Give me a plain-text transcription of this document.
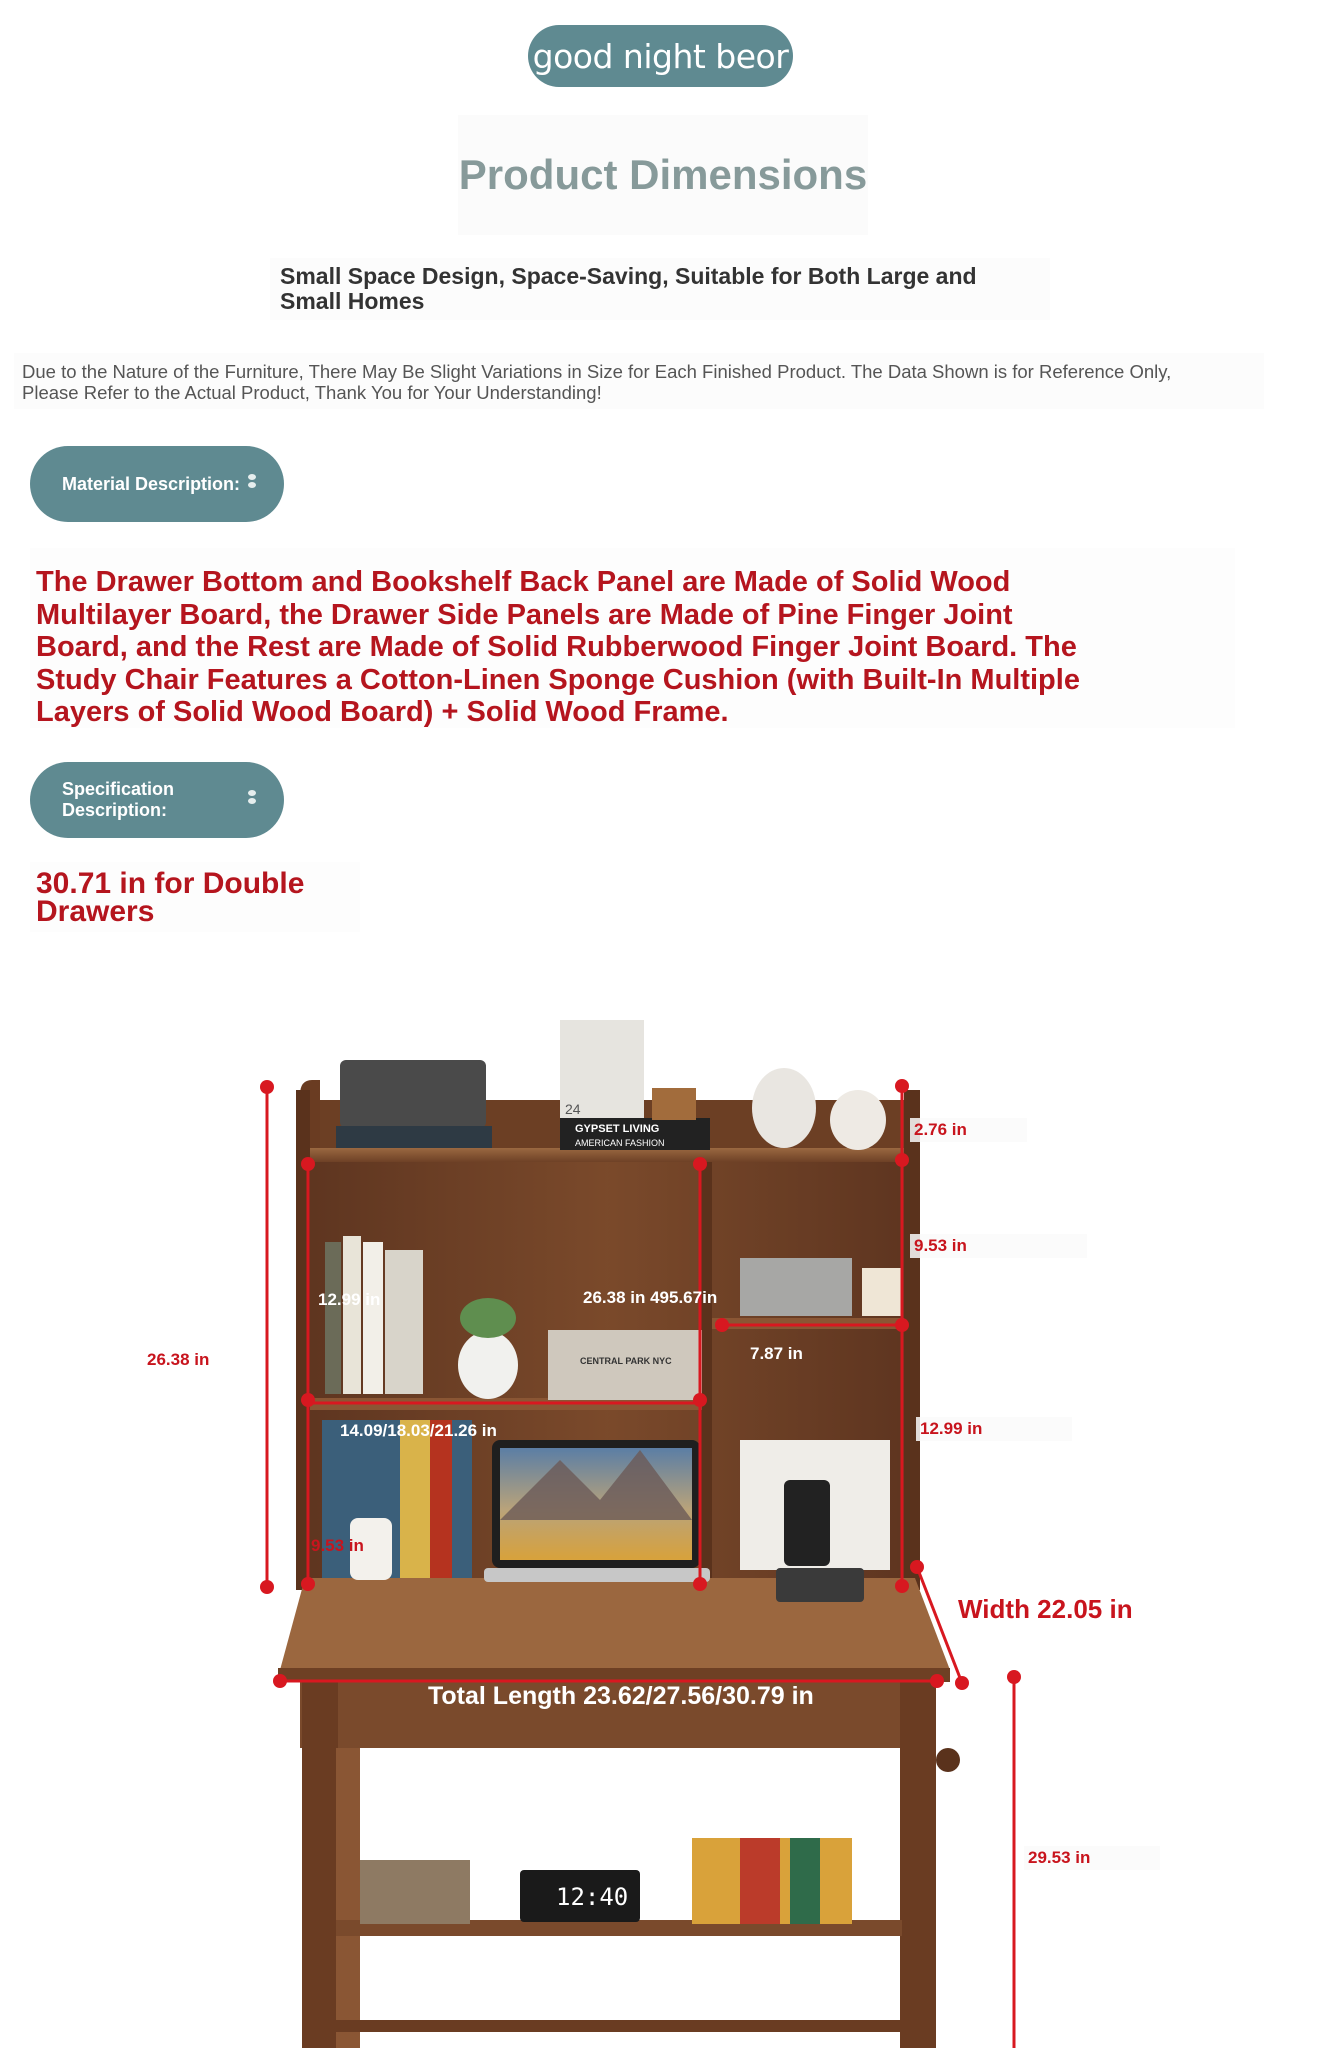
good night beor
Product Dimensions
Small Space Design, Space-Saving, Suitable for Both Large and
Small Homes
Due to the Nature of the Furniture, There May Be Slight Variations in Size for Each Finished Product. The Data Shown is for Reference Only,
Please Refer to the Actual Product, Thank You for Your Understanding!
Material Description:
The Drawer Bottom and Bookshelf Back Panel are Made of Solid Wood
Multilayer Board, the Drawer Side Panels are Made of Pine Finger Joint
Board, and the Rest are Made of Solid Rubberwood Finger Joint Board. The
Study Chair Features a Cotton-Linen Sponge Cushion (with Built-In Multiple
Layers of Solid Wood Board) + Solid Wood Frame.
Specification Description:
30.71 in for Double
Drawers
24
GYPSET LIVING
AMERICAN FASHION
CENTRAL PARK NYC
12:40
26.38 in
2.76 in
9.53 in
12.99 in	26.38 in 495.67in
7.87 in
12.99 in
14.09/18.03/21.26 in
9.53 in
Width 22.05 in
Total Length 23.62/27.56/30.79 in
29.53 in
